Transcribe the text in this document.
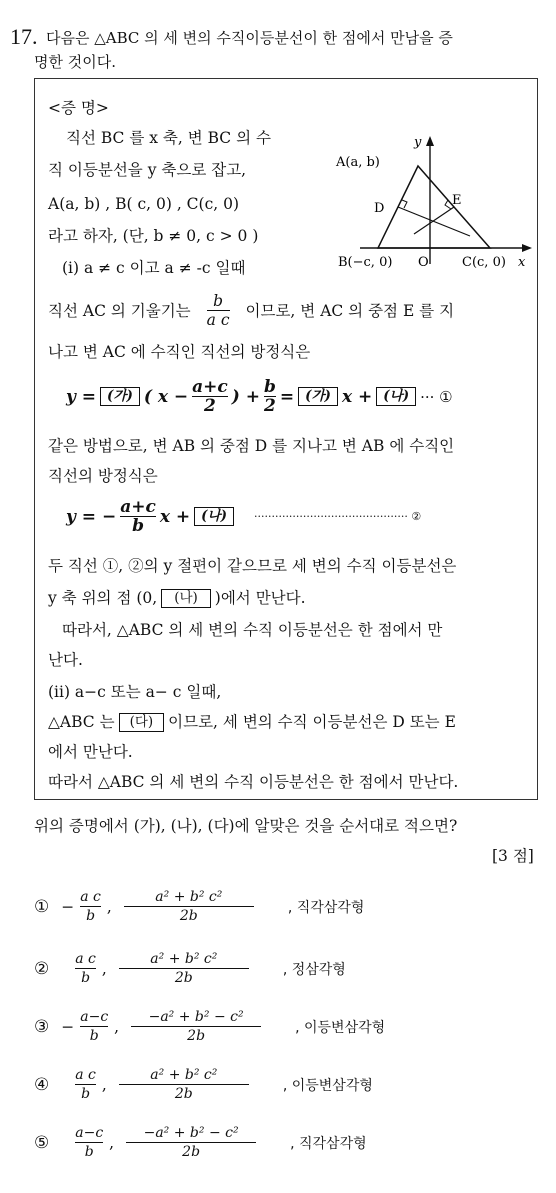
17. 다음은 △ABC 의 세 변의 수직이등분선이 한 점에서 만남을 증
명한 것이다.
<증 명>
직선 BC 를 x 축, 변 BC 의 수
직 이등분선을 y 축으로 잡고,
A(a, b) , B( c, 0) , C(c, 0)
라고 하자, (단, b ≠ 0, c > 0 )
(i) a ≠ c 이고 a ≠ -c 일때
y
A(a, b)
D
E
B(−c, 0) O	C(c, 0) x
직선 AC 의 기울기는 $\frac{b}{\text{a c}}$ 이므로, 변 AC 의 중점 E 를 지
나고 변 AC 에 수직인 직선의 방정식은
y = (가) ( $x - \frac{a+c}{2}$ ) + $\frac{b}{2}$ = (가) x + (나) ··· ①
같은 방법으로, 변 AB 의 중점 D 를 지나고 변 AB 에 수직인
직선의 방정식은
y = − $\frac{a+c}{b}$ x + (나)	············································ ②
두 직선 ①, ②의 y 절편이 같으므로 세 변의 수직 이등분선은
y 축 위의 점 (0,	(나)	)에서 만난다.
따라서, △ABC 의 세 변의 수직 이등분선은 한 점에서 만
난다.
(ii) a−c 또는 a− c 일때,
△ABC 는	(다) 이므로, 세 변의 수직 이등분선은 D 또는 E
에서 만난다.
따라서 △ABC 의 세 변의 수직 이등분선은 한 점에서 만난다.
위의 증명에서 (가), (나), (다)에 알맞은 것을 순서대로 적으면?
[3 점]
① − $\frac{\text{a c}}{b}$ , $\frac{\text{a² + b² c²}}{2b}$ , 직각삼각형
② $\frac{\text{a c}}{b}$ , $\frac{\text{a² + b² c²}}{2b}$ , 정삼각형
③ − $\frac{a-c}{b}$ , $\frac{\text{−a² + b² − c²}}{2b}$ , 이등변삼각형
④ $\frac{\text{a c}}{b}$ , $\frac{\text{a² + b² c²}}{2b}$ , 이등변삼각형
⑤ $\frac{a-c}{b}$ , $\frac{\text{−a² + b² − c²}}{2b}$ , 직각삼각형
